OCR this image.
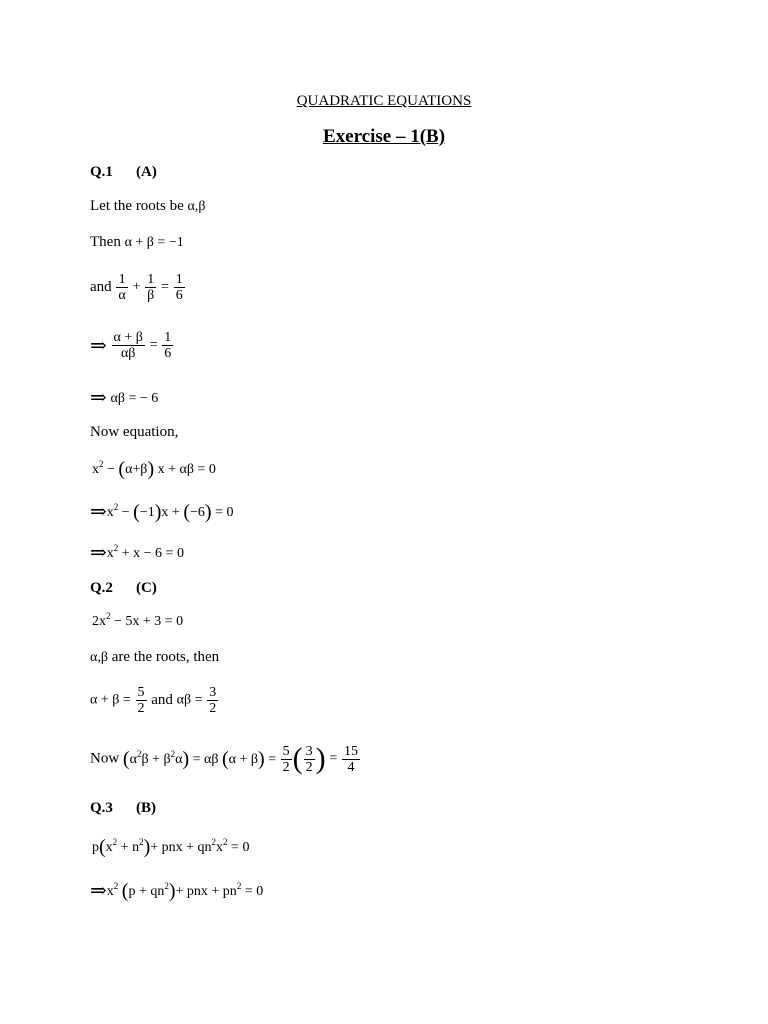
QUADRATIC EQUATIONS
Exercise – 1(B)
Q.1 (A)
Let the roots be α,β
Then α + β = −1
and $\frac{1}{\alpha} + \frac{1}{\beta} = \frac{1}{6}$
⇒ $\frac{\alpha + \beta}{\alpha\beta} = \frac{1}{6}$
⇒ αβ = − 6
Now equation,
$x^2 - (\alpha+\beta) x + \alpha\beta = 0$
$\Rightarrow x^2 - (-1)x + (-6) = 0$
$\Rightarrow x^2 + x - 6 = 0$
Q.2 (C)
$2x^2 - 5x + 3 = 0$
α,β are the roots, then
$\alpha + \beta = \frac{5}{2}$ and $\alpha\beta = \frac{3}{2}$
Now $(\alpha^2\beta + \beta^2\alpha) = \alpha\beta$ $(\alpha + \beta) = \frac{5}{2}$ ( $\frac{3}{2}$ ) = $\frac{15}{4}$
Q.3 (B)
$p(x^2 + n^2)+$ pnx + $qn^2x^2 = 0$
$\Rightarrow x^2$ $(p + qn^2)+$ pnx + $pn^2 = 0$
